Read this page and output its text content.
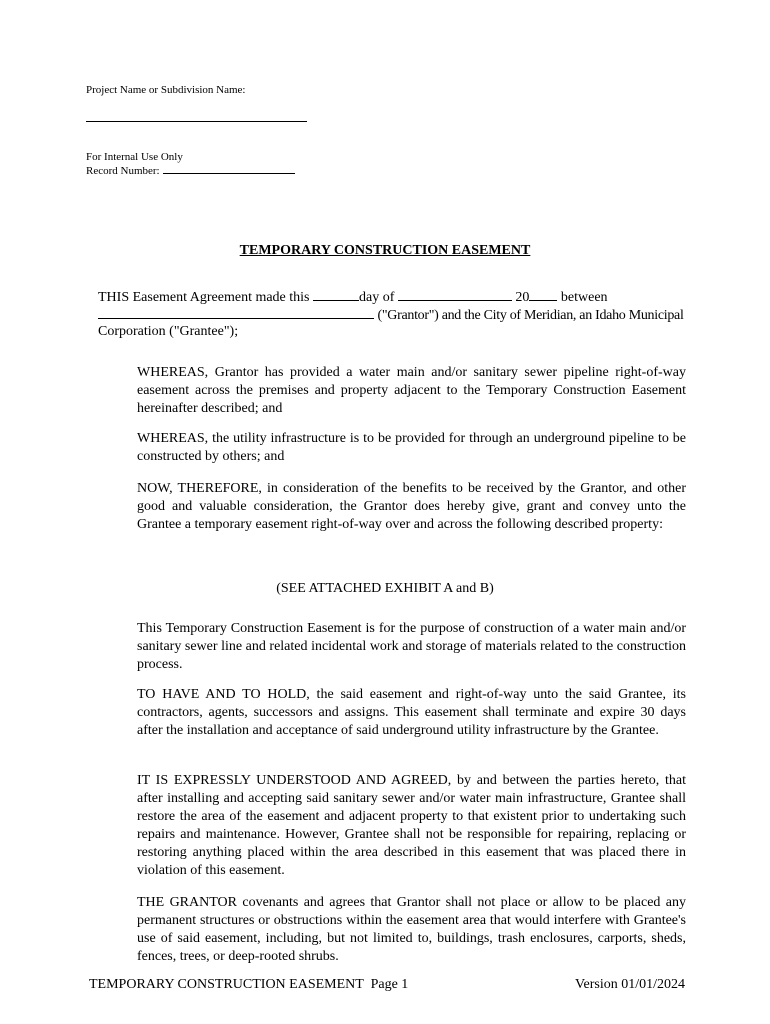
Project Name or Subdivision Name:
For Internal Use Only
Record Number:
TEMPORARY CONSTRUCTION EASEMENT
THIS Easement Agreement made this	day of	20 between
("Grantor") and the City of Meridian, an Idaho Municipal
Corporation ("Grantee");

WHEREAS, Grantor has provided a water main and/or sanitary sewer pipeline right-of-way easement across the premises and property adjacent to the Temporary Construction Easement hereinafter described; and

WHEREAS, the utility infrastructure is to be provided for through an underground pipeline to be constructed by others; and

NOW, THEREFORE, in consideration of the benefits to be received by the Grantor, and other good and valuable consideration, the Grantor does hereby give, grant and convey unto the Grantee a temporary easement right-of-way over and across the following described property:

(SEE ATTACHED EXHIBIT A and B)

This Temporary Construction Easement is for the purpose of construction of a water main and/or sanitary sewer line and related incidental work and storage of materials related to the construction process.

TO HAVE AND TO HOLD, the said easement and right-of-way unto the said Grantee, its contractors, agents, successors and assigns. This easement shall terminate and expire 30 days after the installation and acceptance of said underground utility infrastructure by the Grantee.

IT IS EXPRESSLY UNDERSTOOD AND AGREED, by and between the parties hereto, that after installing and accepting said sanitary sewer and/or water main infrastructure, Grantee shall restore the area of the easement and adjacent property to that existent prior to undertaking such repairs and maintenance. However, Grantee shall not be responsible for repairing, replacing or restoring anything placed within the area described in this easement that was placed there in violation of this easement.

THE GRANTOR covenants and agrees that Grantor shall not place or allow to be placed any permanent structures or obstructions within the easement area that would interfere with Grantee's use of said easement, including, but not limited to, buildings, trash enclosures, carports, sheds, fences, trees, or deep-rooted shrubs.

TEMPORARY CONSTRUCTION EASEMENT  Page 1	Version 01/01/2024
